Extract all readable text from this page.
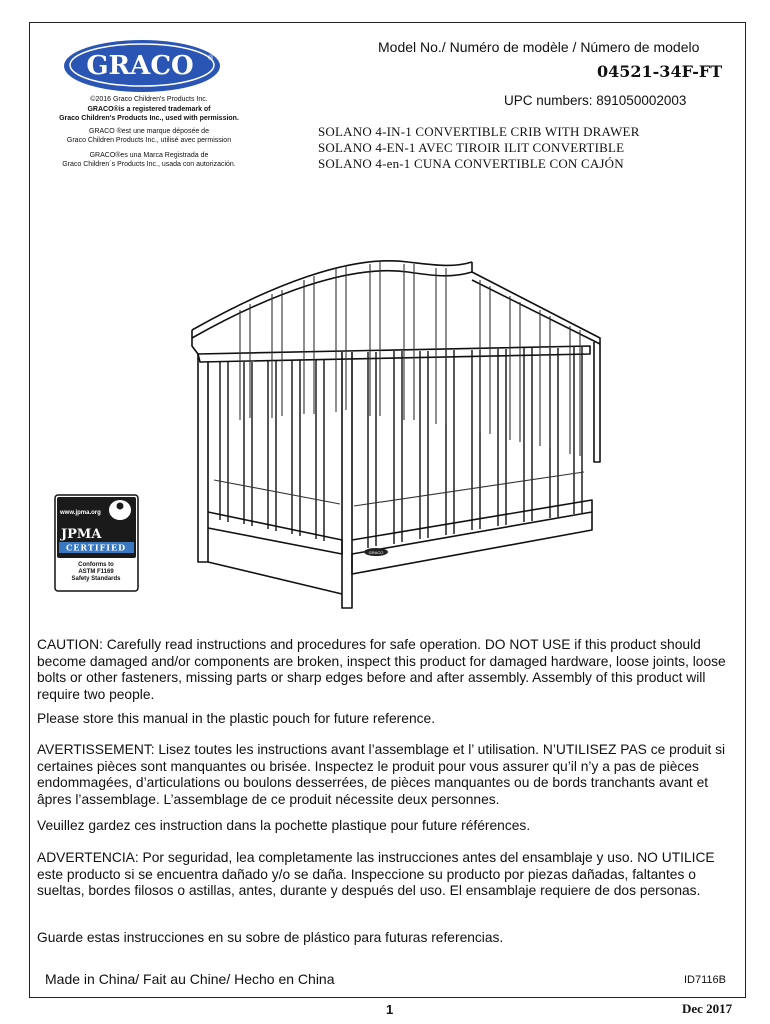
GRACO ®
©2016 Graco Children's Products Inc.
GRACO®is a registered trademark of
Graco Children's Products Inc., used with permission.
GRACO ®est une marque déposée de
Graco Children Products Inc., utilisé avec permission
GRACO®es una Marca Registrada de
Graco Children´s Products Inc., usada con autorización.
Model No./ Numéro de modèle / Número de modelo
04521-34F-FT
UPC numbers: 891050002003
SOLANO 4-IN-1 CONVERTIBLE CRIB WITH DRAWER
SOLANO 4-EN-1 AVEC TIROIR ILIT CONVERTIBLE
SOLANO 4-en-1 CUNA CONVERTIBLE CON CAJÓN
GRACO
www.jpma.org
JPMA
CERTIFIED
Conforms to
ASTM F1169
Safety Standards
CAUTION: Carefully read instructions and procedures for safe operation. DO NOT USE if this product should become damaged and/or components are broken, inspect this product for damaged hardware, loose joints, loose bolts or other fasteners, missing parts or sharp edges before and after assembly. Assembly of this product will require two people.
Please store this manual in the plastic pouch for future reference.
AVERTISSEMENT: Lisez toutes les instructions avant l’assemblage et l’ utilisation. N’UTILISEZ PAS ce produit si certaines pièces sont manquantes ou brisée. Inspectez le produit pour vous assurer qu’il n’y a pas de pièces endommagées, d’articulations ou boulons desserrées, de pièces manquantes ou de bords tranchants avant et âpres l’assemblage. L’assemblage de ce produit nécessite deux personnes.
Veuillez gardez ces instruction dans la pochette plastique pour future références.
ADVERTENCIA: Por seguridad, lea completamente las instrucciones antes del ensamblaje y uso. NO UTILICE este producto si se encuentra dañado y/o se daña. Inspeccione su producto por piezas dañadas, faltantes o sueltas, bordes filosos o astillas, antes, durante y después del uso. El ensamblaje requiere de dos personas.
Guarde estas instrucciones en su sobre de plástico para futuras referencias.
Made in China/ Fait au Chine/ Hecho en China	ID7116B
1	Dec 2017
